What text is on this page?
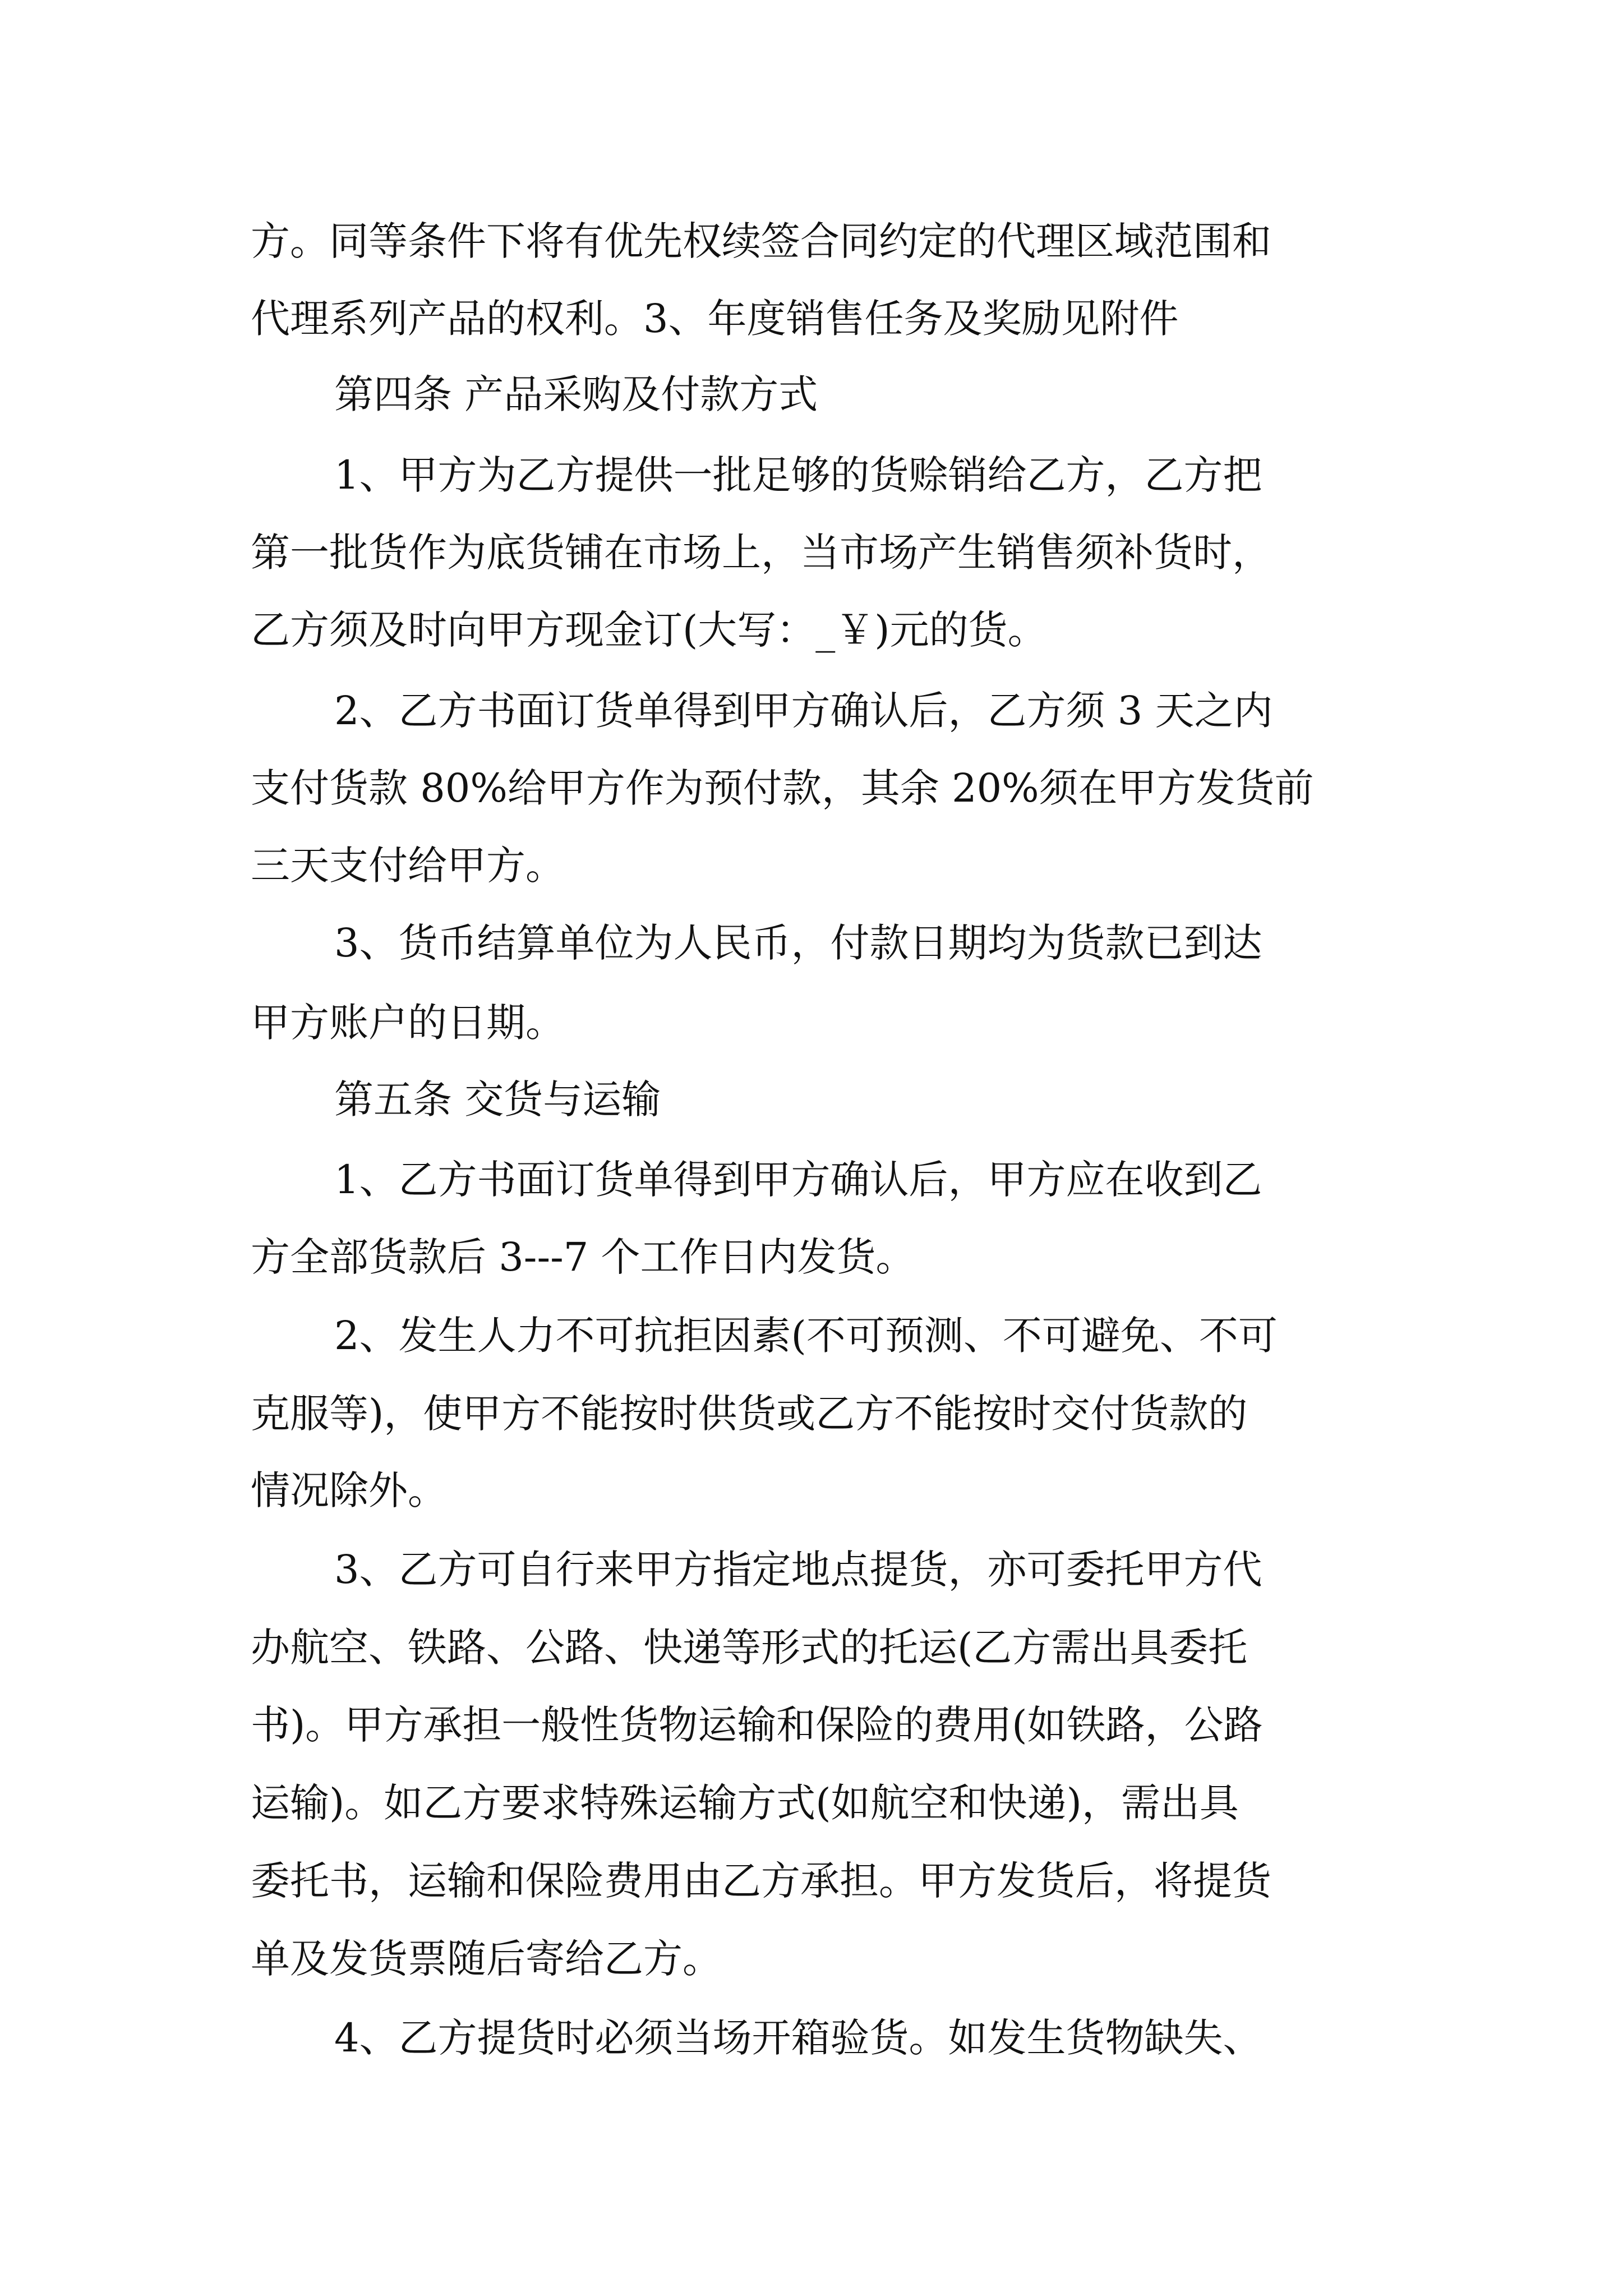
方。同等条件下将有优先权续签合同约定的代理区域范围和
代理系列产品的权利。3、年度销售任务及奖励见附件
第四条 产品采购及付款方式
1、甲方为乙方提供一批足够的货赊销给乙方，乙方把
第一批货作为底货铺在市场上，当市场产生销售须补货时，
乙方须及时向甲方现金订(大写：_￥)元的货。
2、乙方书面订货单得到甲方确认后，乙方须 3 天之内
支付货款 80%给甲方作为预付款，其余 20%须在甲方发货前
三天支付给甲方。
3、货币结算单位为人民币，付款日期均为货款已到达
甲方账户的日期。
第五条 交货与运输
1、乙方书面订货单得到甲方确认后，甲方应在收到乙
方全部货款后 3---7 个工作日内发货。
2、发生人力不可抗拒因素(不可预测、不可避免、不可
克服等)，使甲方不能按时供货或乙方不能按时交付货款的
情况除外。
3、乙方可自行来甲方指定地点提货，亦可委托甲方代
办航空、铁路、公路、快递等形式的托运(乙方需出具委托
书)。甲方承担一般性货物运输和保险的费用(如铁路，公路
运输)。如乙方要求特殊运输方式(如航空和快递)，需出具
委托书，运输和保险费用由乙方承担。甲方发货后，将提货
单及发货票随后寄给乙方。
4、乙方提货时必须当场开箱验货。如发生货物缺失、
